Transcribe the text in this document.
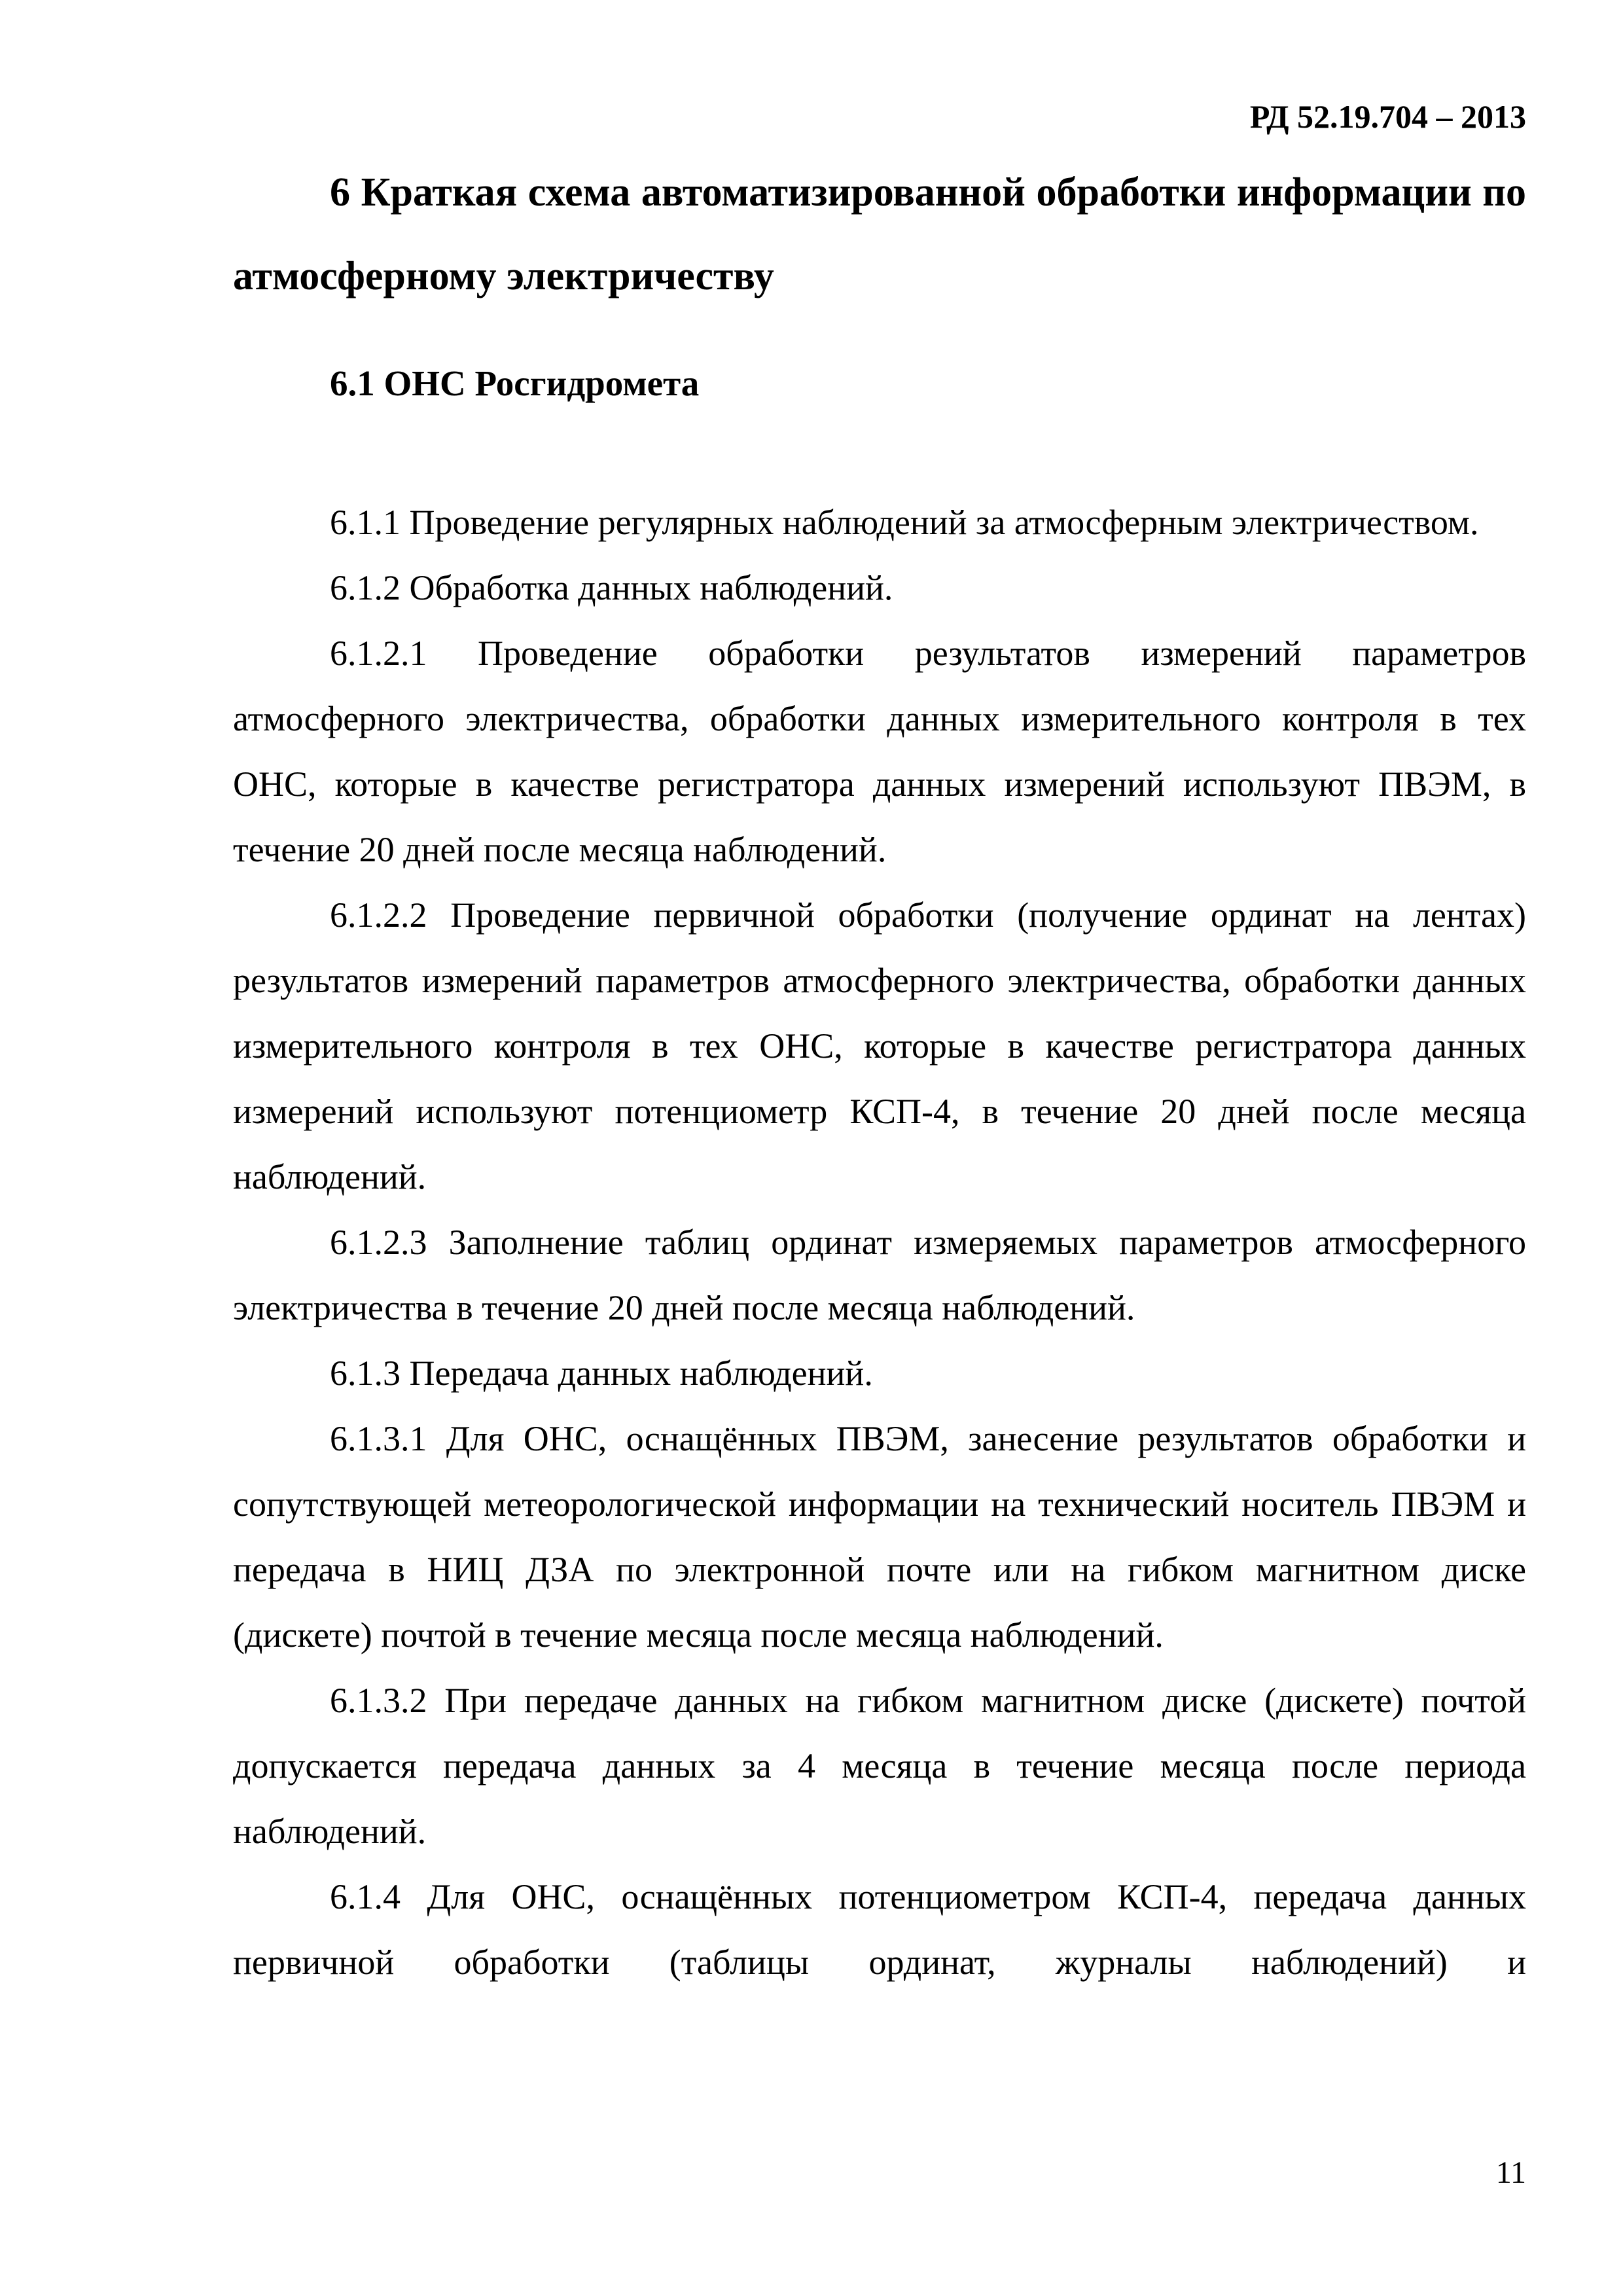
РД 52.19.704 – 2013
6 Краткая схема автоматизированной обработки информации по атмосферному электричеству
6.1 ОНС Росгидромета

6.1.1 Проведение регулярных наблюдений за атмосферным электричеством.

6.1.2 Обработка данных наблюдений.

6.1.2.1 Проведение обработки результатов измерений параметров атмосферного электричества, обработки данных измерительного контроля в тех ОНС, которые в качестве регистратора данных измерений используют ПВЭМ, в течение 20 дней после месяца наблюдений.

6.1.2.2 Проведение первичной обработки (получение ординат на лентах) результатов измерений параметров атмосферного электричества, обработки данных измерительного контроля в тех ОНС, которые в качестве регистратора данных измерений используют потенциометр КСП-4, в течение 20 дней после месяца наблюдений.

6.1.2.3 Заполнение таблиц ординат измеряемых параметров атмосферного электричества в течение 20 дней после месяца наблюдений.

6.1.3 Передача данных наблюдений.

6.1.3.1 Для ОНС, оснащённых ПВЭМ, занесение результатов обработки и сопутствующей метеорологической информации на технический носитель ПВЭМ и передача в НИЦ ДЗА по электронной почте или на гибком магнитном диске (дискете) почтой в течение месяца после месяца наблюдений.

6.1.3.2 При передаче данных на гибком магнитном диске (дискете) почтой допускается передача данных за 4 месяца в течение месяца после периода наблюдений.

6.1.4 Для ОНС, оснащённых потенциометром КСП-4, передача данных первичной обработки (таблицы ординат, журналы наблюдений) и

11
